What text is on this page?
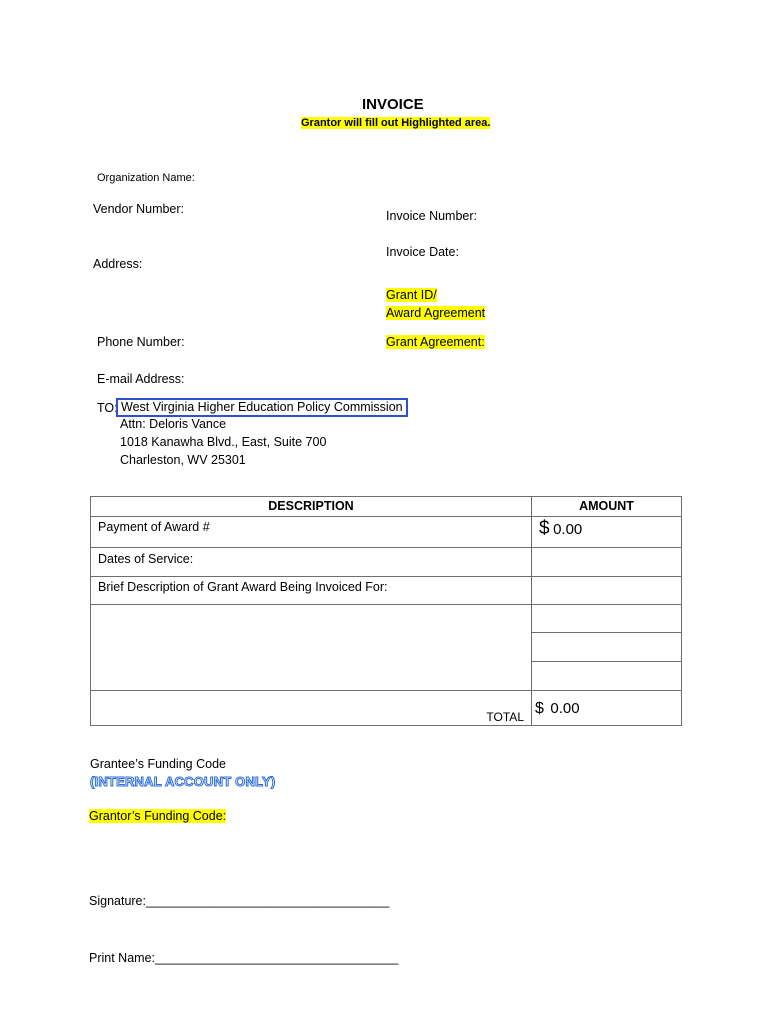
INVOICE
Grantor will fill out Highlighted area.
Organization Name:
Vendor Number:	Invoice Number:
Invoice Date:
Address:
Grant ID/
Award Agreement
Phone Number:	Grant Agreement:
E-mail Address:
TO: West Virginia Higher Education Policy Commission
Attn: Deloris Vance
1018 Kanawha Blvd., East, Suite 700
Charleston, WV 25301
DESCRIPTION	AMOUNT
Payment of Award #	$ 0.00
Dates of Service:	
Brief Description of Grant Award Being Invoiced For:	

TOTAL	$ 0.00
Grantee’s Funding Code
(INTERNAL ACCOUNT ONLY)
Grantor’s Funding Code:
Signature:___________________________________
Print Name:___________________________________
